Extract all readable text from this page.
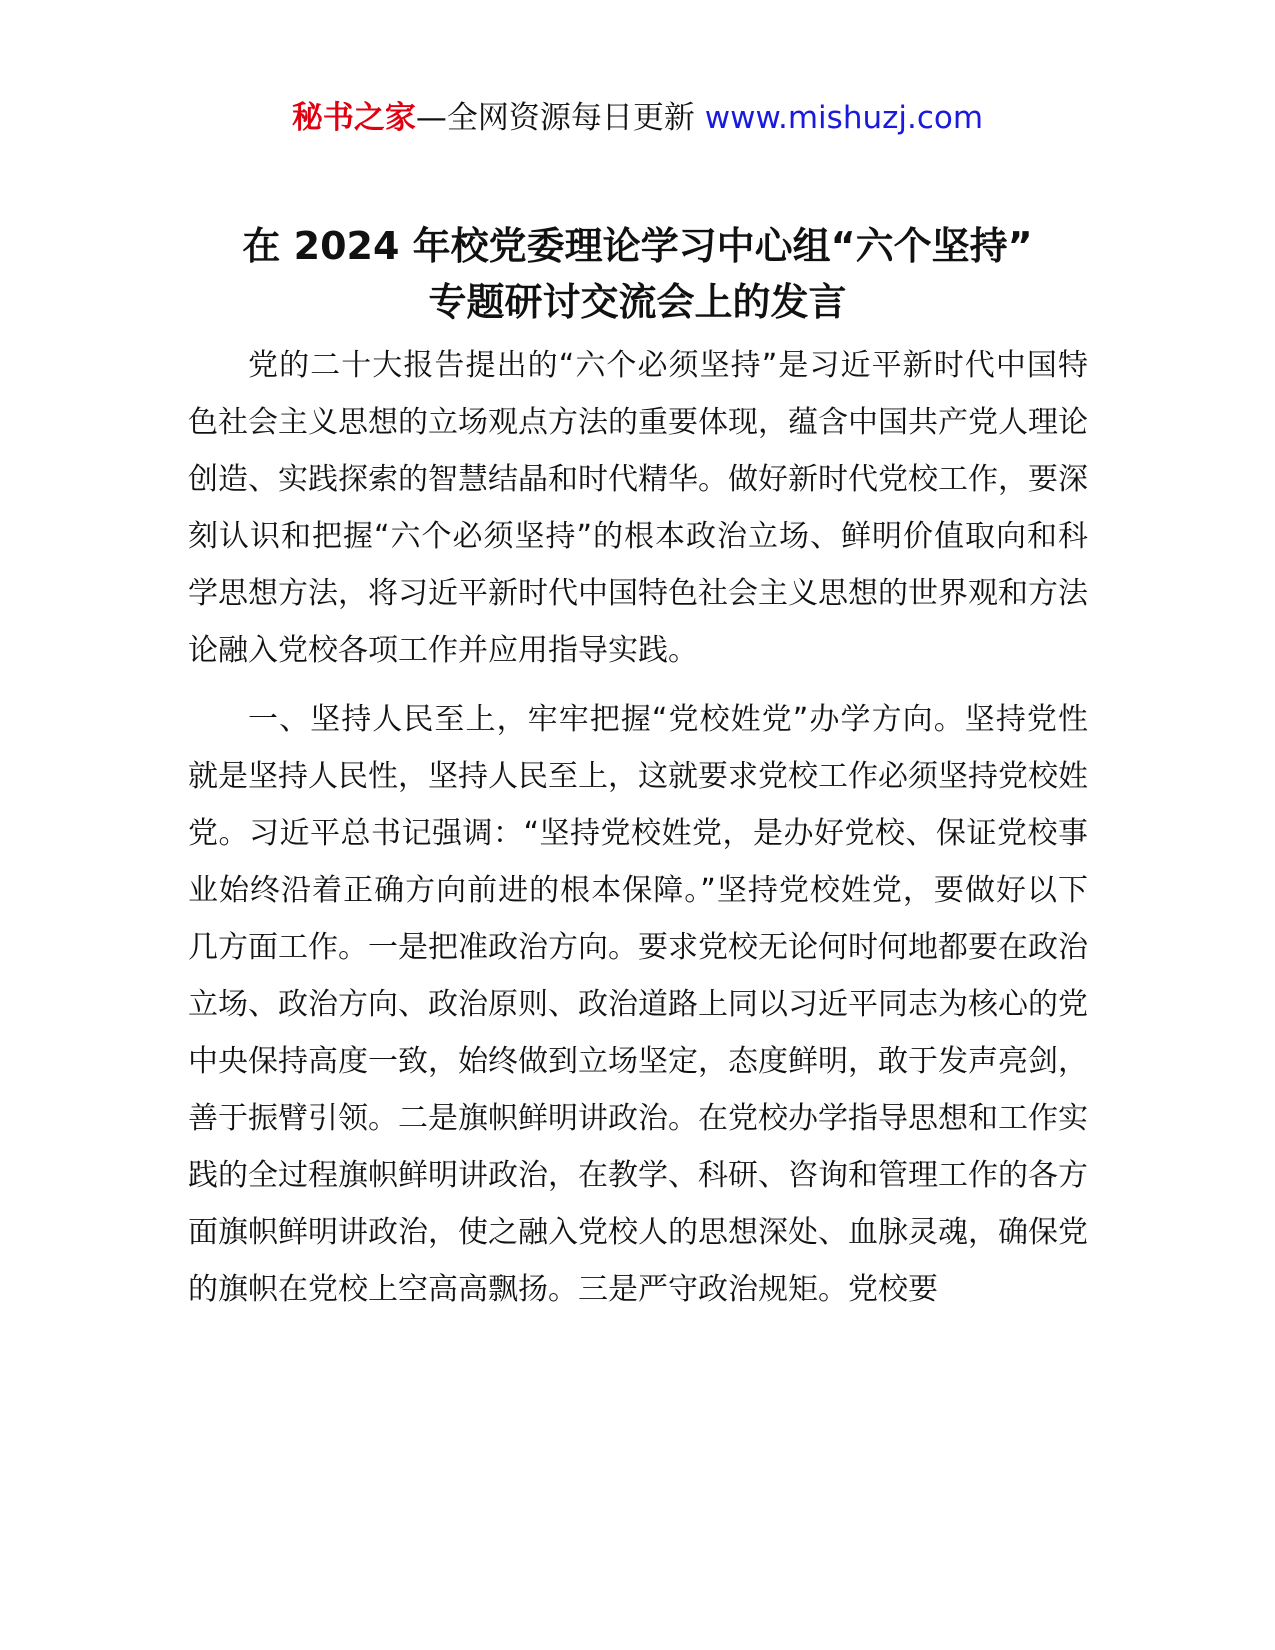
秘书之家—全网资源每日更新 www.mishuzj.com
在 2024 年校党委理论学习中心组“六个坚持”
专题研讨交流会上的发言

党的二十大报告提出的“六个必须坚持”是习近平新时代中国特色社会主义思想的立场观点方法的重要体现，蕴含中国共产党人理论创造、实践探索的智慧结晶和时代精华。做好新时代党校工作，要深刻认识和把握“六个必须坚持”的根本政治立场、鲜明价值取向和科学思想方法，将习近平新时代中国特色社会主义思想的世界观和方法论融入党校各项工作并应用指导实践。

一、坚持人民至上，牢牢把握“党校姓党”办学方向。坚持党性就是坚持人民性，坚持人民至上，这就要求党校工作必须坚持党校姓党。习近平总书记强调：“坚持党校姓党，是办好党校、保证党校事业始终沿着正确方向前进的根本保障。”坚持党校姓党，要做好以下几方面工作。一是把准政治方向。要求党校无论何时何地都要在政治立场、政治方向、政治原则、政治道路上同以习近平同志为核心的党中央保持高度一致，始终做到立场坚定，态度鲜明，敢于发声亮剑，善于振臂引领。二是旗帜鲜明讲政治。在党校办学指导思想和工作实践的全过程旗帜鲜明讲政治，在教学、科研、咨询和管理工作的各方面旗帜鲜明讲政治，使之融入党校人的思想深处、血脉灵魂，确保党的旗帜在党校上空高高飘扬。三是严守政治规矩。党校要
